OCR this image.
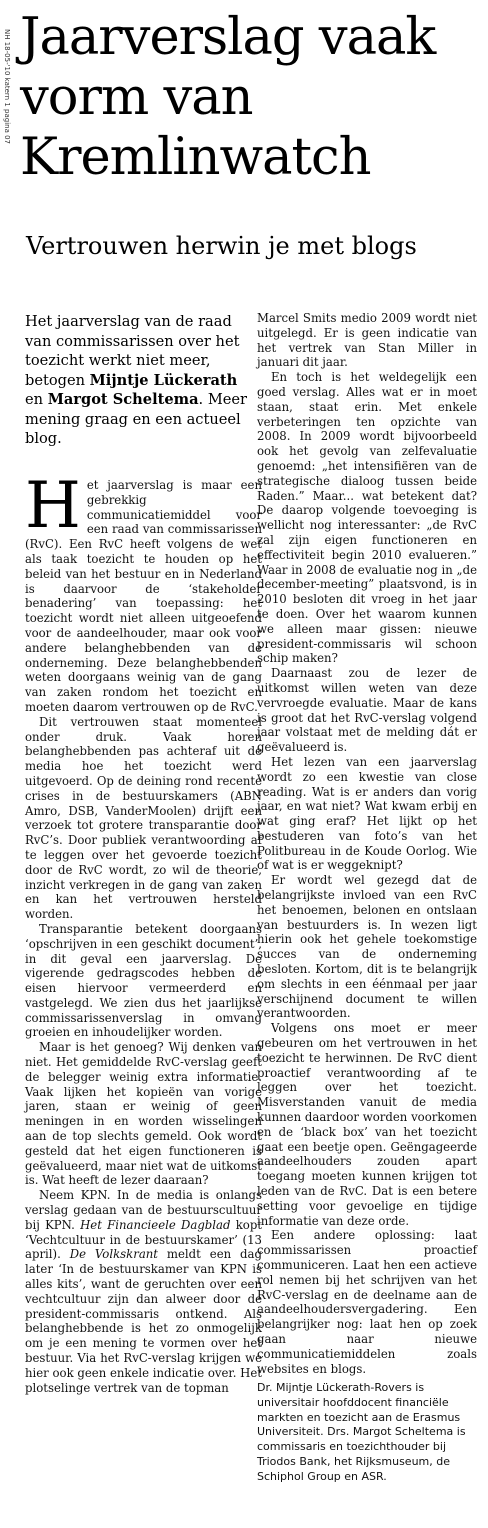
NH 18-05-'10 katern 1 pagina 07 Jaarverslag vaak vorm van Kremlinwatch
Vertrouwen herwin je met blogs

Het jaarverslag van de raad van commissarissen over het toezicht werkt niet meer, betogen Mijntje Lückerath en Margot Scheltema. Meer mening graag en een actueel blog.

Het jaarverslag is maar een gebrekkig communicatiemiddel voor een raad van commissarissen (RvC). Een RvC heeft volgens de wet als taak toezicht te houden op het beleid van het bestuur en in Nederland is daarvoor de ‘stakeholder benadering’ van toepassing: het toezicht wordt niet alleen uitgeoefend voor de aandeelhouder, maar ook voor andere belanghebbenden van de onderneming. Deze belanghebbenden weten doorgaans weinig van de gang van zaken rondom het toezicht en moeten daarom vertrouwen op de RvC.

Dit vertrouwen staat momenteel onder druk. Vaak horen belanghebbenden pas achteraf uit de media hoe het toezicht werd uitgevoerd. Op de deining rond recente crises in de bestuurskamers (ABN Amro, DSB, VanderMoolen) drijft een verzoek tot grotere transparantie door RvC’s. Door publiek verantwoording af te leggen over het gevoerde toezicht door de RvC wordt, zo wil de theorie, inzicht verkregen in de gang van zaken en kan het vertrouwen hersteld worden.

Transparantie betekent doorgaans ‘opschrijven in een geschikt document’, in dit geval een jaarverslag. De vigerende gedragscodes hebben de eisen hiervoor vermeerderd en vastgelegd. We zien dus het jaarlijkse commissarissenverslag in omvang groeien en inhoudelijker worden.

Maar is het genoeg? Wij denken van niet. Het gemiddelde RvC-verslag geeft de belegger weinig extra informatie. Vaak lijken het kopieën van vorige jaren, staan er weinig of geen meningen in en worden wisselingen aan de top slechts gemeld. Ook wordt gesteld dat het eigen functioneren is geëvalueerd, maar niet wat de uitkomst is. Wat heeft de lezer daaraan?

Neem KPN. In de media is onlangs verslag gedaan van de bestuurscultuur bij KPN. Het Financieele Dagblad kopt ‘Vechtcultuur in de bestuurskamer’ (13 april). De Volkskrant meldt een dag later ‘In de bestuurskamer van KPN is alles kits’, want de geruchten over een vechtcultuur zijn dan alweer door de president-commissaris ontkend. Als belanghebbende is het zo onmogelijk om je een mening te vormen over het bestuur. Via het RvC-verslag krijgen we hier ook geen enkele indicatie over. Het plotselinge vertrek van de topman

Marcel Smits medio 2009 wordt niet uitgelegd. Er is geen indicatie van het vertrek van Stan Miller in januari dit jaar.

En toch is het weldegelijk een goed verslag. Alles wat er in moet staan, staat erin. Met enkele verbeteringen ten opzichte van 2008. In 2009 wordt bijvoorbeeld ook het gevolg van zelfevaluatie genoemd: „het intensifiëren van de strategische dialoog tussen beide Raden.” Maar... wat betekent dat? De daarop volgende toevoeging is wellicht nog interessanter: „de RvC zal zijn eigen functioneren en effectiviteit begin 2010 evalueren.” Waar in 2008 de evaluatie nog in „de december-meeting” plaatsvond, is in 2010 besloten dit vroeg in het jaar te doen. Over het waarom kunnen we alleen maar gissen: nieuwe president-commissaris wil schoon schip maken?

Daarnaast zou de lezer de uitkomst willen weten van deze vervroegde evaluatie. Maar de kans is groot dat het RvC-verslag volgend jaar volstaat met de melding dát er geëvalueerd is.

Het lezen van een jaarverslag wordt zo een kwestie van close reading. Wat is er anders dan vorig jaar, en wat niet? Wat kwam erbij en wat ging eraf? Het lijkt op het bestuderen van foto’s van het Politbureau in de Koude Oorlog. Wie of wat is er weggeknipt?

Er wordt wel gezegd dat de belangrijkste invloed van een RvC het benoemen, belonen en ontslaan van bestuurders is. In wezen ligt hierin ook het gehele toekomstige succes van de onderneming besloten. Kortom, dit is te belangrijk om slechts in een éénmaal per jaar verschijnend document te willen verantwoorden.

Volgens ons moet er meer gebeuren om het vertrouwen in het toezicht te herwinnen. De RvC dient proactief verantwoording af te leggen over het toezicht. Misverstanden vanuit de media kunnen daardoor worden voorkomen en de ‘black box’ van het toezicht gaat een beetje open. Geëngageerde aandeelhouders zouden apart toegang moeten kunnen krijgen tot leden van de RvC. Dat is een betere setting voor gevoelige en tijdige informatie van deze orde.

Een andere oplossing: laat commissarissen proactief communiceren. Laat hen een actieve rol nemen bij het schrijven van het RvC-verslag en de deelname aan de aandeelhoudersvergadering. Een belangrijker nog: laat hen op zoek gaan naar nieuwe communicatiemiddelen zoals websites en blogs.

Dr. Mijntje Lückerath-Rovers is universitair hoofddocent financiële markten en toezicht aan de Erasmus Universiteit. Drs. Margot Scheltema is commissaris en toezichthouder bij Triodos Bank, het Rijksmuseum, de Schiphol Group en ASR.
